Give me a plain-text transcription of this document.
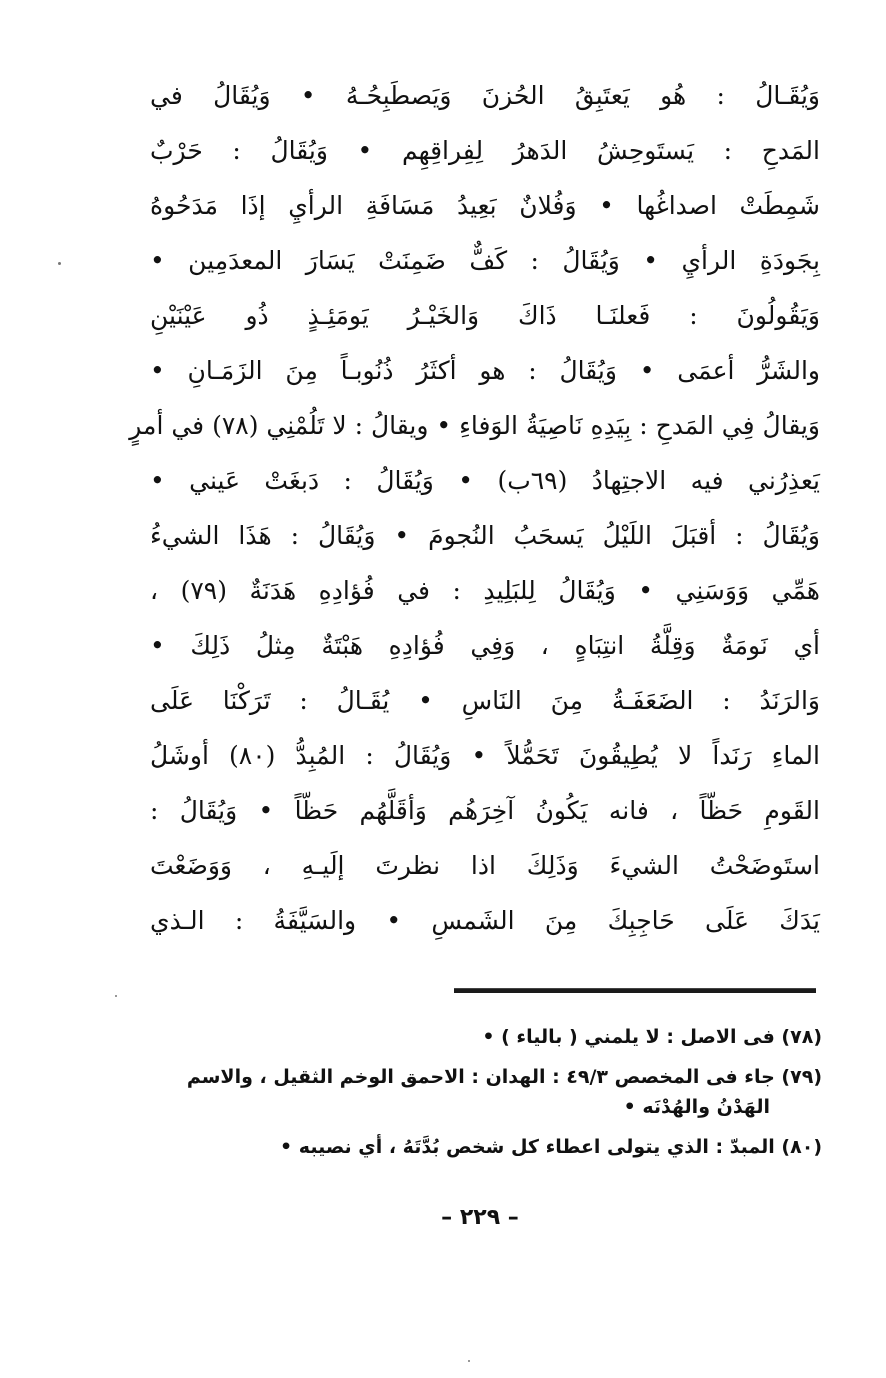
وَيُقَـالُ : هُو يَعتَبِقُ الحُزنَ وَيَصطَبِحُـهُ • وَيُقَالُ في
المَدحِ : يَستَوحِشُ الدَهرُ لِفِراقِهِم • وَيُقَالُ : حَرْبٌ
شَمِطَتْ اصداغُها • وَفُلانٌ بَعِيدُ مَسَافَةِ الرأيِ إذَا مَدَحُوهُ
بِجَودَةِ الرأيِ • وَيُقَالُ : كَفٌّ ضَمِنَتْ يَسَارَ المعدَمِين •
وَيَقُولُونَ : فَعلنَـا ذَاكَ وَالخَيْـرُ يَومَئِـذٍ ذُو عَيْنَيْنِ
والشَرُّ أعمَى • وَيُقَالُ : هو أكثَرُ ذُنُوبـاً مِنَ الزَمَـانِ •
وَيقالُ فِي المَدحِ : بِيَدِهِ نَاصِيَةُ الوَفاءِ • ويقالُ : لا تَلُمْنِي (٧٨) في أمرٍ
يَعذِرُني فيه الاجتِهادُ (٦٩ب) • وَيُقَالُ : دَبغَتْ عَيني •
وَيُقَالُ : أقبَلَ اللَيْلُ يَسحَبُ النُجومَ • وَيُقَالُ : هَذَا الشيءُ
هَمِّي وَوَسَنِي • وَيُقَالُ لِلبَلِيدِ : في فُؤادِهِ هَدَنَةٌ (٧٩) ،
أي نَومَةٌ وَقِلَّةُ انتِبَاهٍ ، وَفِي فُؤادِهِ هَبْتَةٌ مِثلُ ذَلِكَ •
وَالرَنَدُ : الضَعَفَـةُ مِنَ النَاسِ • يُقَـالُ : تَرَكْنَا عَلَى
الماءِ رَنَداً لا يُطِيقُونَ تَحَمُّلاً • وَيُقَالُ : المُبِدُّ (٨٠) أوشَلُ
القَومِ حَظّاً ، فانه يَكُونُ آخِرَهُم وَأقَلَّهُم حَظّاً • وَيُقَالُ :
استَوضَحْتُ الشيءَ وَذَلِكَ اذا نظرتَ إلَيـهِ ، وَوَضَعْتَ
يَدَكَ عَلَى حَاجِبِكَ مِنَ الشَمسِ • والسَيَّفَةُ : الـذي
(٧٨) فى الاصل : لا يلمني ( بالياء ) •
(٧٩) جاء فى المخصص ٤٩/٣ : الهدان : الاحمق الوخم الثقيل ، والاسم
الهَدْنُ والهُدْنَه •
(٨٠) المبدّ : الذي يتولى اعطاء كل شخص بُدَّتَهُ ، أي نصيبه •
– ٢٢٩ –
